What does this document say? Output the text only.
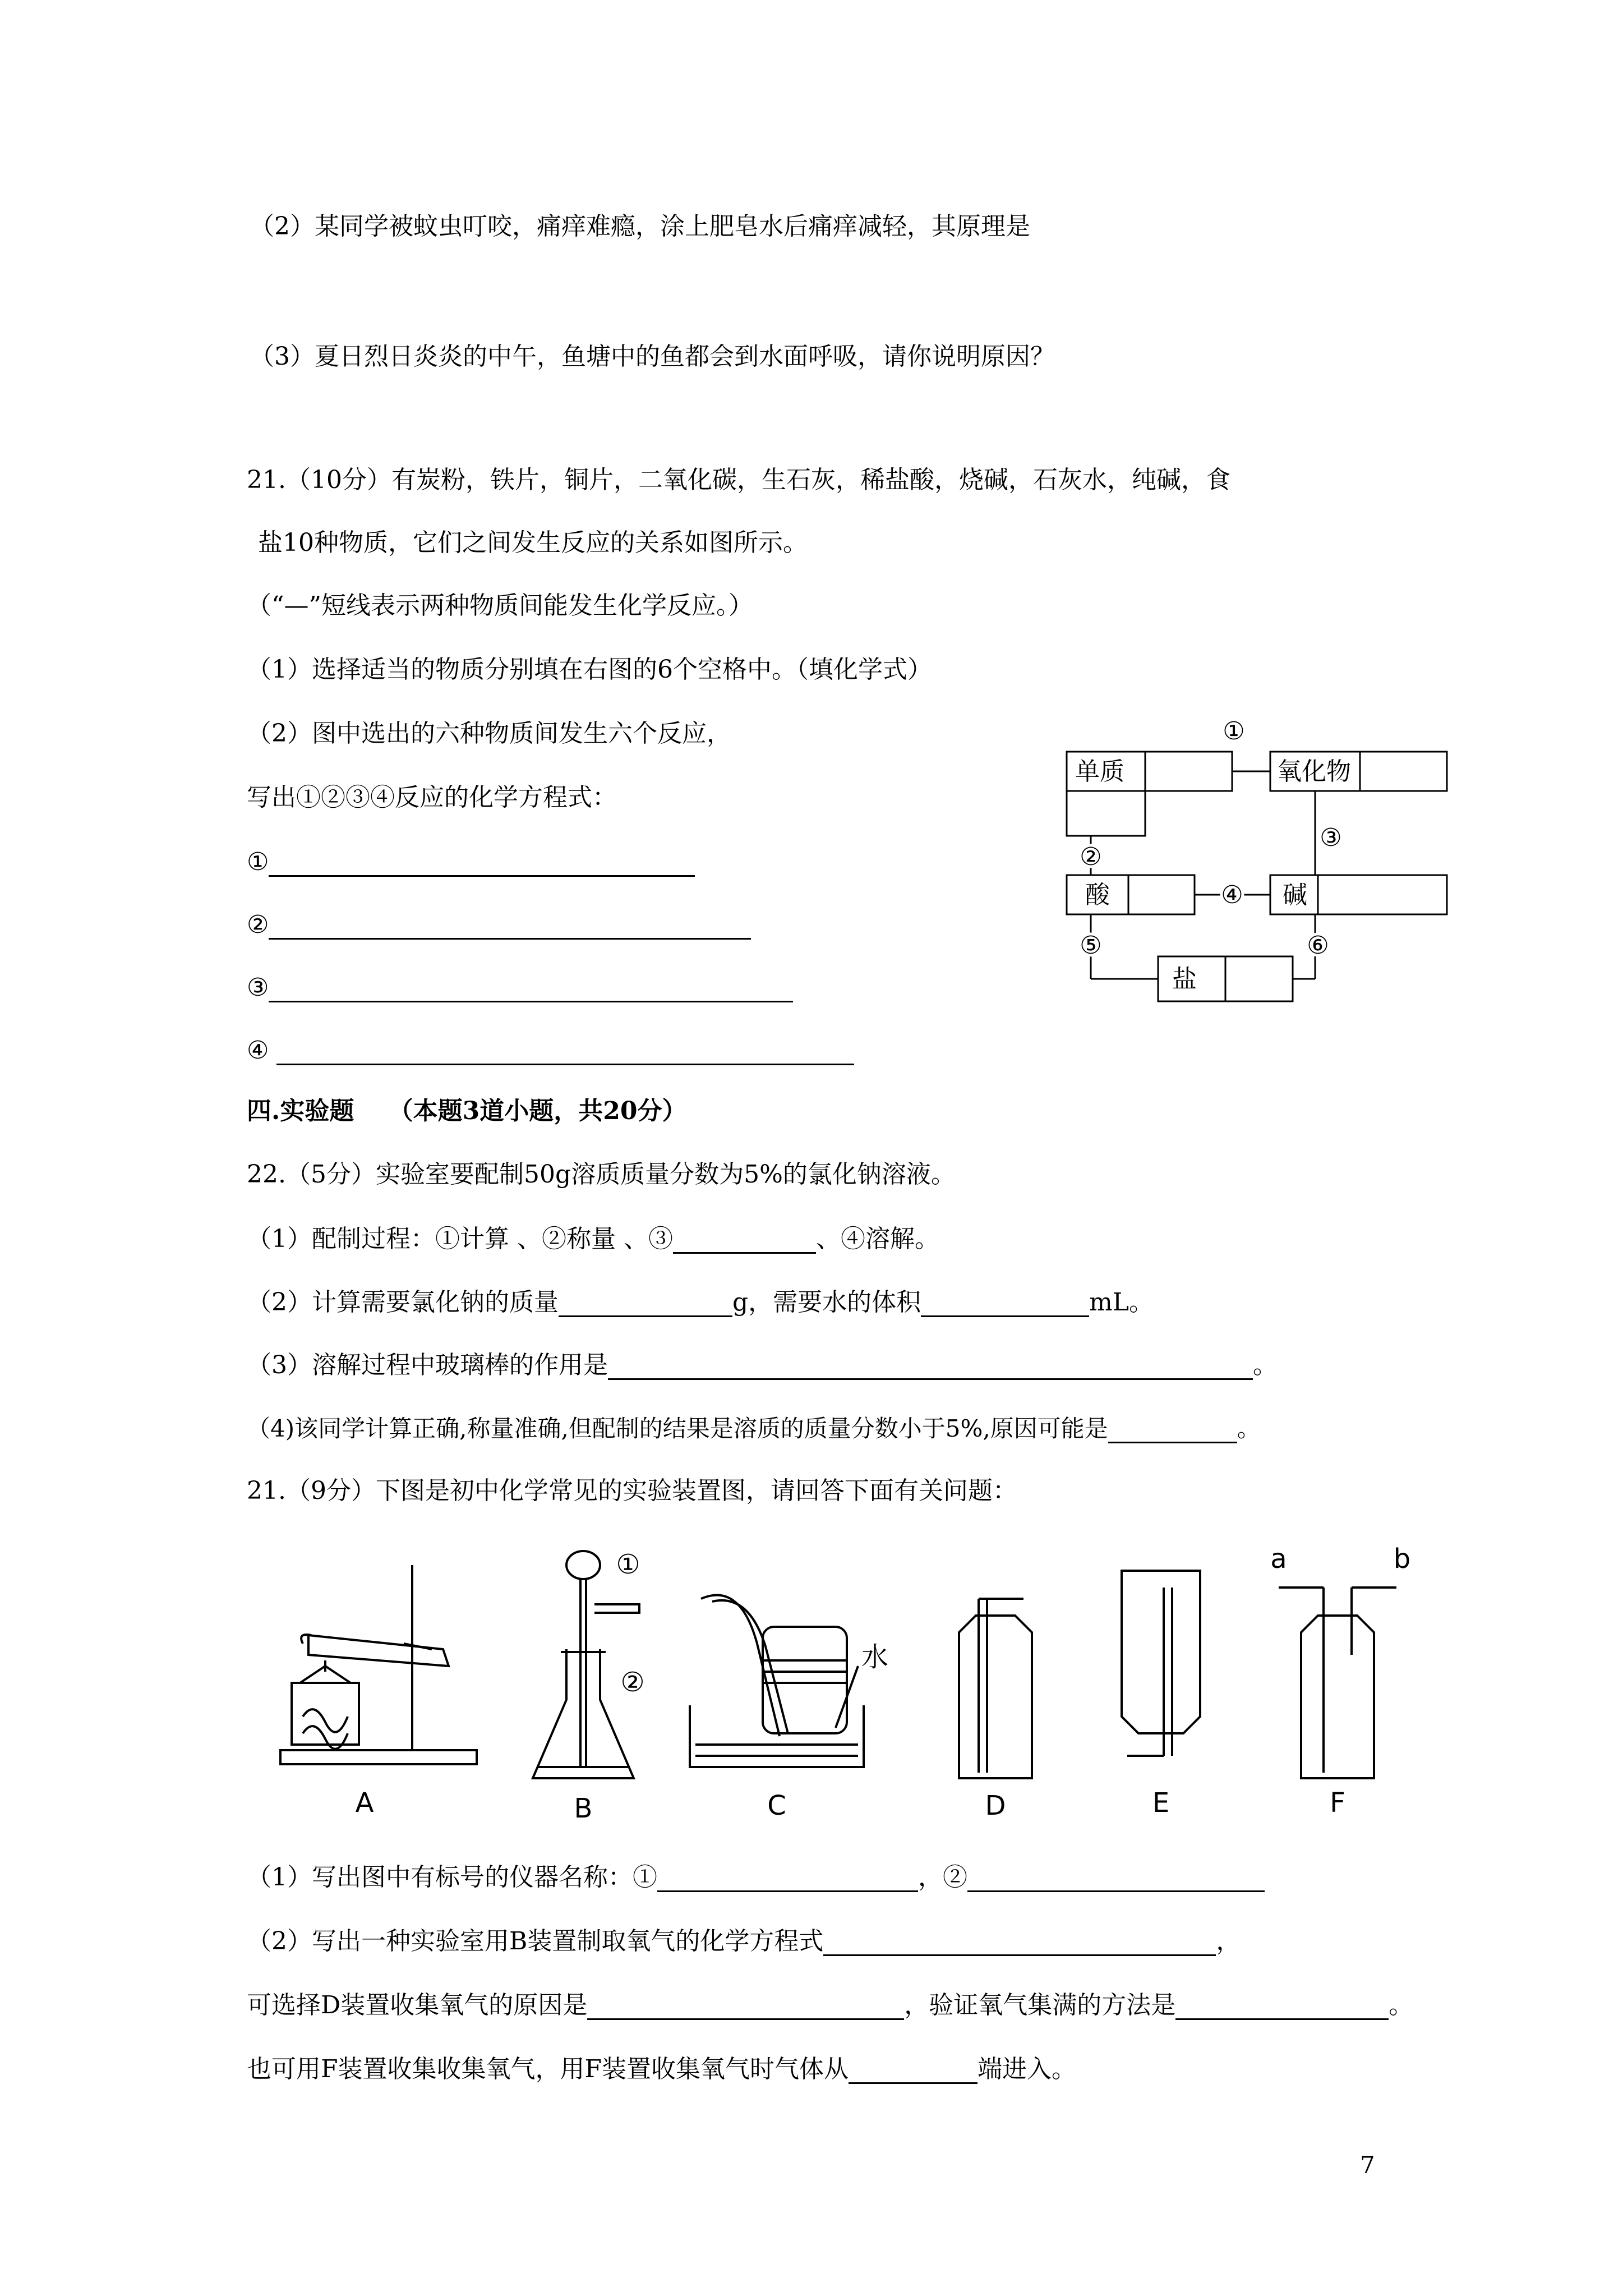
（2）某同学被蚊虫叮咬，痛痒难瘾，涂上肥皂水后痛痒减轻，其原理是
（3）夏日烈日炎炎的中午，鱼塘中的鱼都会到水面呼吸，请你说明原因？
21.（10分）有炭粉，铁片，铜片，二氧化碳，生石灰，稀盐酸，烧碱，石灰水，纯碱，食
盐10种物质，它们之间发生反应的关系如图所示。
（“—”短线表示两种物质间能发生化学反应。）
（1）选择适当的物质分别填在右图的6个空格中。（填化学式）
（2）图中选出的六种物质间发生六个反应，
写出①②③④反应的化学方程式：
①
②
③
④
单质	氧化物
酸	碱
盐
①
②
③
④
⑤	⑥
四.实验题 （本题3道小题，共20分）
22.（5分）实验室要配制50g溶质质量分数为5%的氯化钠溶液。
（1）配制过程：①计算 、②称量 、③	、④溶解。
（2）计算需要氯化钠的质量	g，需要水的体积	mL。
（3）溶解过程中玻璃棒的作用是	。
（4)该同学计算正确,称量准确,但配制的结果是溶质的质量分数小于5%,原因可能是	。
21.（9分）下图是初中化学常见的实验装置图，请回答下面有关问题：
A	B	C	D	E	F
①
②
水
a	b
（1）写出图中有标号的仪器名称：①	，②
（2）写出一种实验室用B装置制取氧气的化学方程式	，
可选择D装置收集氧气的原因是	，验证氧气集满的方法是	。
也可用F装置收集收集氧气，用F装置收集氧气时气体从	端进入。
7
